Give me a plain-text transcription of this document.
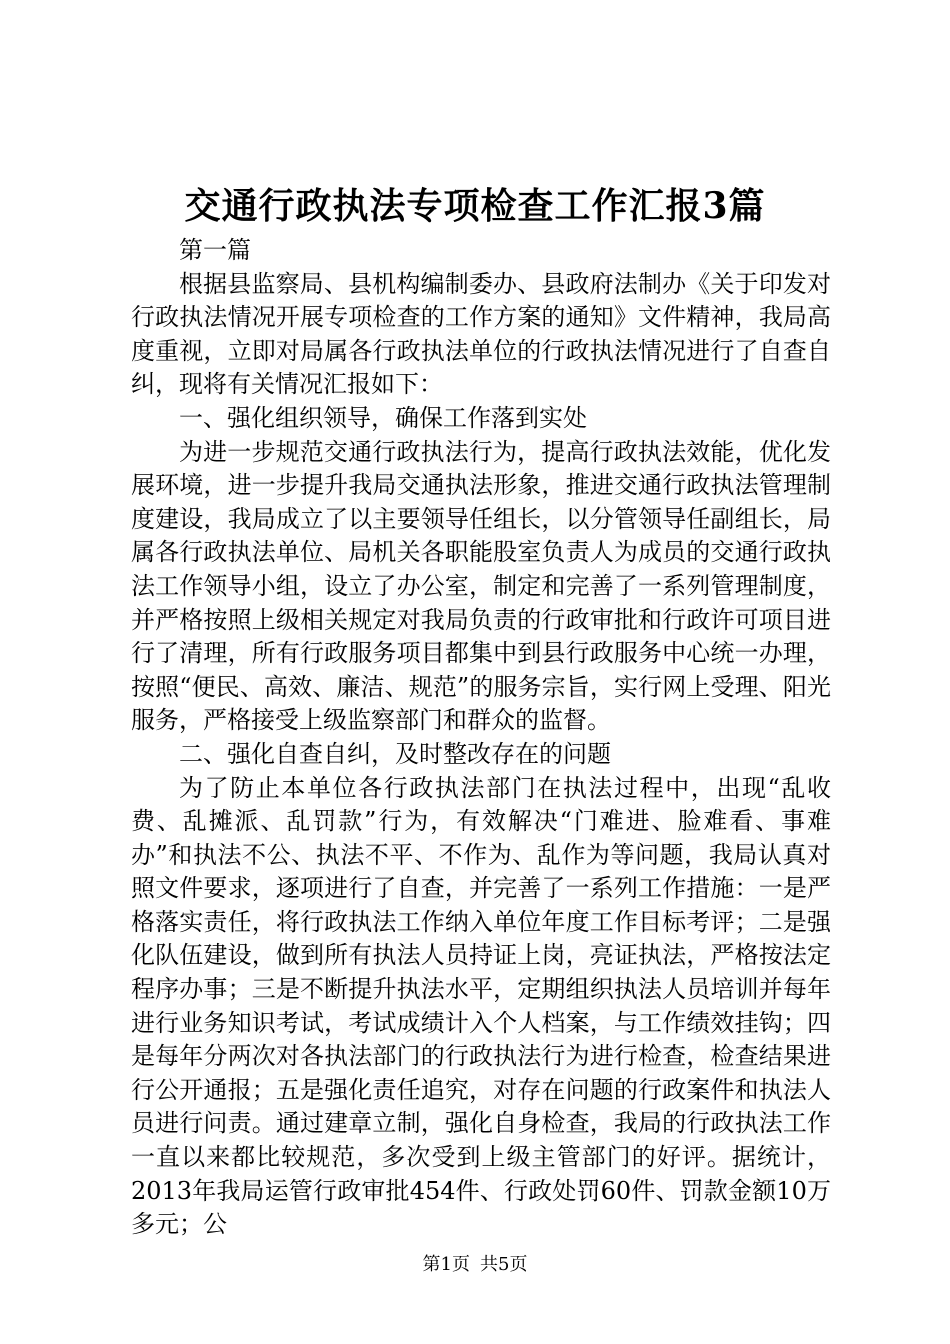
交通行政执法专项检查工作汇报3篇

第一篇

根据县监察局、县机构编制委办、县政府法制办《关于印发对行政执法情况开展专项检查的工作方案的通知》文件精神，我局高度重视，立即对局属各行政执法单位的行政执法情况进行了自查自纠，现将有关情况汇报如下：

一、强化组织领导，确保工作落到实处

为进一步规范交通行政执法行为，提高行政执法效能，优化发展环境，进一步提升我局交通执法形象，推进交通行政执法管理制度建设，我局成立了以主要领导任组长，以分管领导任副组长，局属各行政执法单位、局机关各职能股室负责人为成员的交通行政执法工作领导小组，设立了办公室，制定和完善了一系列管理制度，并严格按照上级相关规定对我局负责的行政审批和行政许可项目进行了清理，所有行政服务项目都集中到县行政服务中心统一办理，按照“便民、高效、廉洁、规范”的服务宗旨，实行网上受理、阳光服务，严格接受上级监察部门和群众的监督。

二、强化自查自纠，及时整改存在的问题

为了防止本单位各行政执法部门在执法过程中，出现“乱收费、乱摊派、乱罚款”行为，有效解决“门难进、脸难看、事难办”和执法不公、执法不平、不作为、乱作为等问题，我局认真对照文件要求，逐项进行了自查，并完善了一系列工作措施：一是严格落实责任，将行政执法工作纳入单位年度工作目标考评；二是强化队伍建设，做到所有执法人员持证上岗，亮证执法，严格按法定程序办事；三是不断提升执法水平，定期组织执法人员培训并每年进行业务知识考试，考试成绩计入个人档案，与工作绩效挂钩；四是每年分两次对各执法部门的行政执法行为进行检查，检查结果进行公开通报；五是强化责任追究，对存在问题的行政案件和执法人员进行问责。通过建章立制，强化自身检查，我局的行政执法工作一直以来都比较规范，多次受到上级主管部门的好评。据统计，2013年我局运管行政审批454件、行政处罚60件、罚款金额10万多元；公

第1页 共5页
